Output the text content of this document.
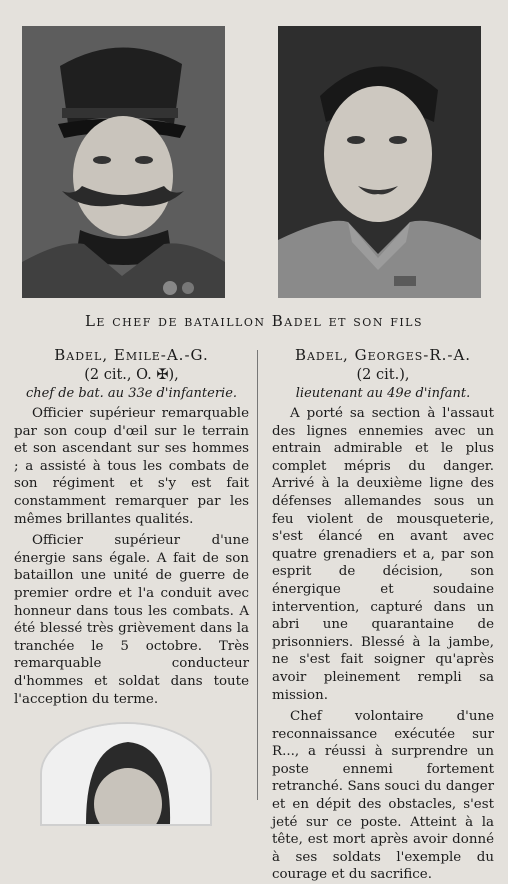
Le chef de bataillon Badel et son fils

Badel, Emile-A.-G.

(2 cit., O. ✠),

chef de bat. au 33e d'infanterie.

Officier supérieur remarquable par son coup d'œil sur le terrain et son ascendant sur ses hommes ; a assisté à tous les combats de son régiment et s'y est fait constamment remarquer par les mêmes brillantes qualités.

Officier supérieur d'une énergie sans égale. A fait de son bataillon une unité de guerre de premier ordre et l'a conduit avec honneur dans tous les combats. A été blessé très grièvement dans la tranchée le 5 octobre. Très remarquable conducteur d'hommes et soldat dans toute l'acception du terme.

Badel, Georges-R.-A.

(2 cit.),

lieutenant au 49e d'infant.

A porté sa section à l'assaut des lignes ennemies avec un entrain admirable et le plus complet mépris du danger. Arrivé à la deuxième ligne des défenses allemandes sous un feu violent de mousqueterie, s'est élancé en avant avec quatre grenadiers et a, par son esprit de décision, son énergique et soudaine intervention, capturé dans un abri une quarantaine de prisonniers. Blessé à la jambe, ne s'est fait soigner qu'après avoir pleinement rempli sa mission.

Chef volontaire d'une reconnaissance exécutée sur R..., a réussi à surprendre un poste ennemi fortement retranché. Sans souci du danger et en dépit des obstacles, s'est jeté sur ce poste. Atteint à la tête, est mort après avoir donné à ses soldats l'exemple du courage et du sacrifice.
